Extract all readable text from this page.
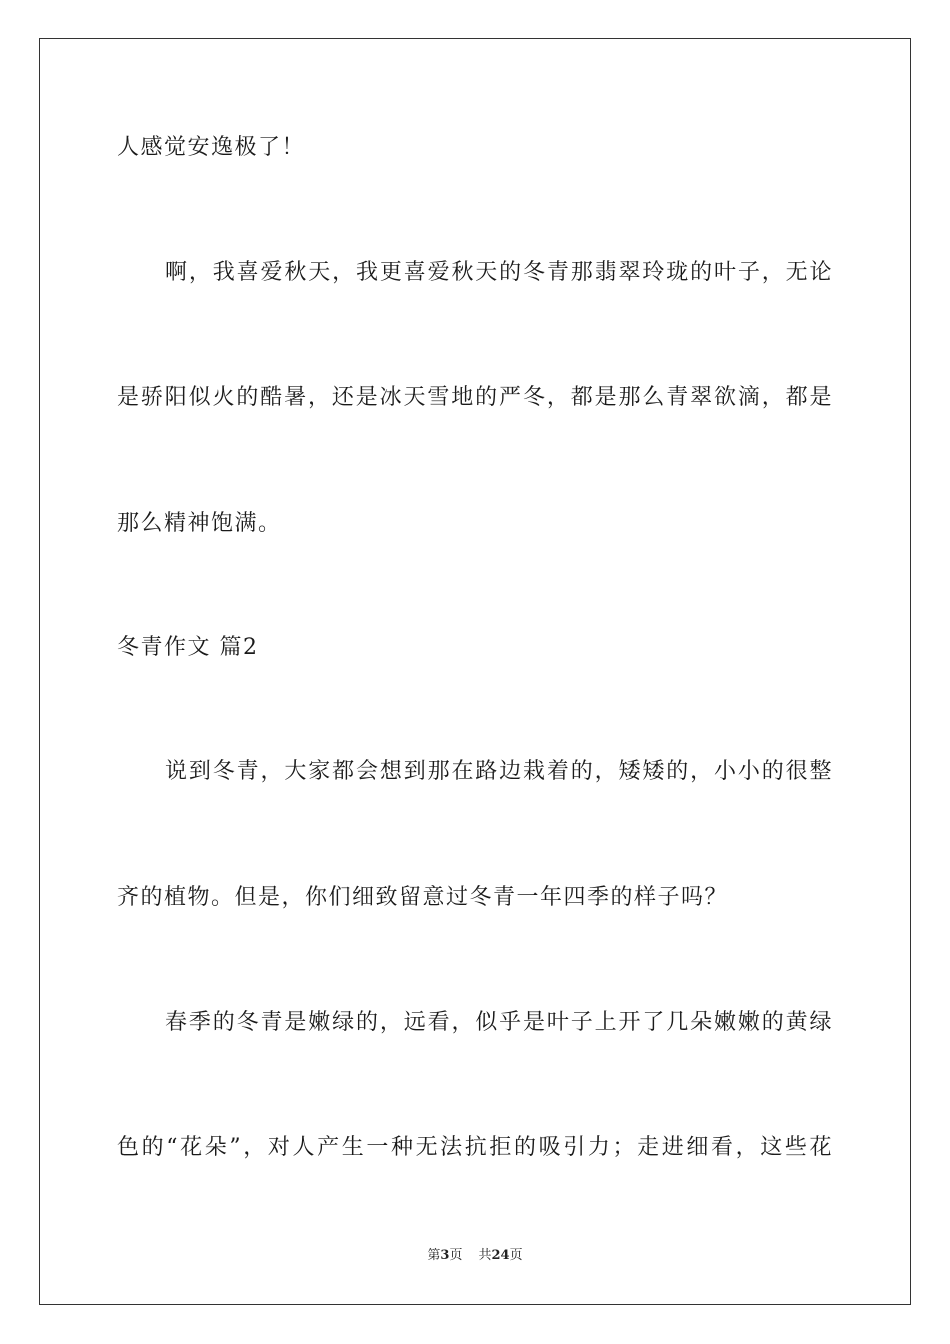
人感觉安逸极了！
啊，我喜爱秋天，我更喜爱秋天的冬青那翡翠玲珑的叶子，无论
是骄阳似火的酷暑，还是冰天雪地的严冬，都是那么青翠欲滴，都是
那么精神饱满。
冬青作文 篇2
说到冬青，大家都会想到那在路边栽着的，矮矮的，小小的很整
齐的植物。但是，你们细致留意过冬青一年四季的样子吗？
春季的冬青是嫩绿的，远看，似乎是叶子上开了几朵嫩嫩的黄绿
色的“花朵”，对人产生一种无法抗拒的吸引力；走进细看，这些花
第3页 共24页
